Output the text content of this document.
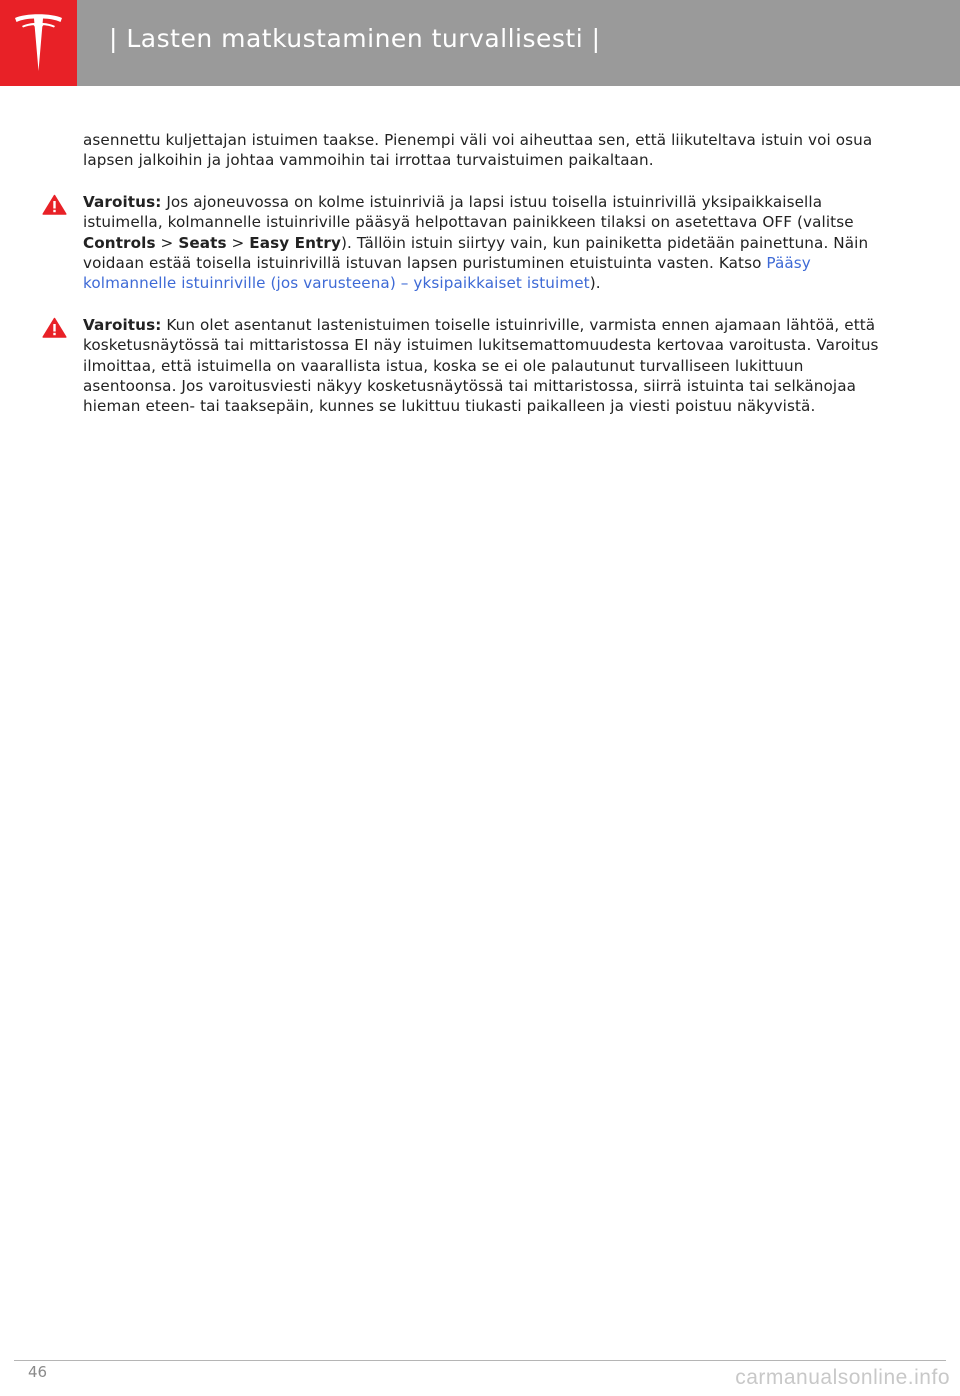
| Lasten matkustaminen turvallisesti |

asennettu kuljettajan istuimen taakse. Pienempi väli voi aiheuttaa sen, että liikuteltava istuin voi osua lapsen jalkoihin ja johtaa vammoihin tai irrottaa turvaistuimen paikaltaan.

Varoitus: Jos ajoneuvossa on kolme istuinriviä ja lapsi istuu toisella istuinrivillä yksipaikkaisella istuimella, kolmannelle istuinriville pääsyä helpottavan painikkeen tilaksi on asetettava OFF (valitse Controls > Seats > Easy Entry). Tällöin istuin siirtyy vain, kun painiketta pidetään painettuna. Näin voidaan estää toisella istuinrivillä istuvan lapsen puristuminen etuistuinta vasten. Katso Pääsy kolmannelle istuinriville (jos varusteena) – yksipaikkaiset istuimet).
Varoitus: Kun olet asentanut lastenistuimen toiselle istuinriville, varmista ennen ajamaan lähtöä, että kosketusnäytössä tai mittaristossa EI näy istuimen lukitsemattomuudesta kertovaa varoitusta. Varoitus ilmoittaa, että istuimella on vaarallista istua, koska se ei ole palautunut turvalliseen lukittuun asentoonsa. Jos varoitusviesti näkyy kosketusnäytössä tai mittaristossa, siirrä istuinta tai selkänojaa hieman eteen- tai taaksepäin, kunnes se lukittuu tiukasti paikalleen ja viesti poistuu näkyvistä.
46	carmanualsonline.info
